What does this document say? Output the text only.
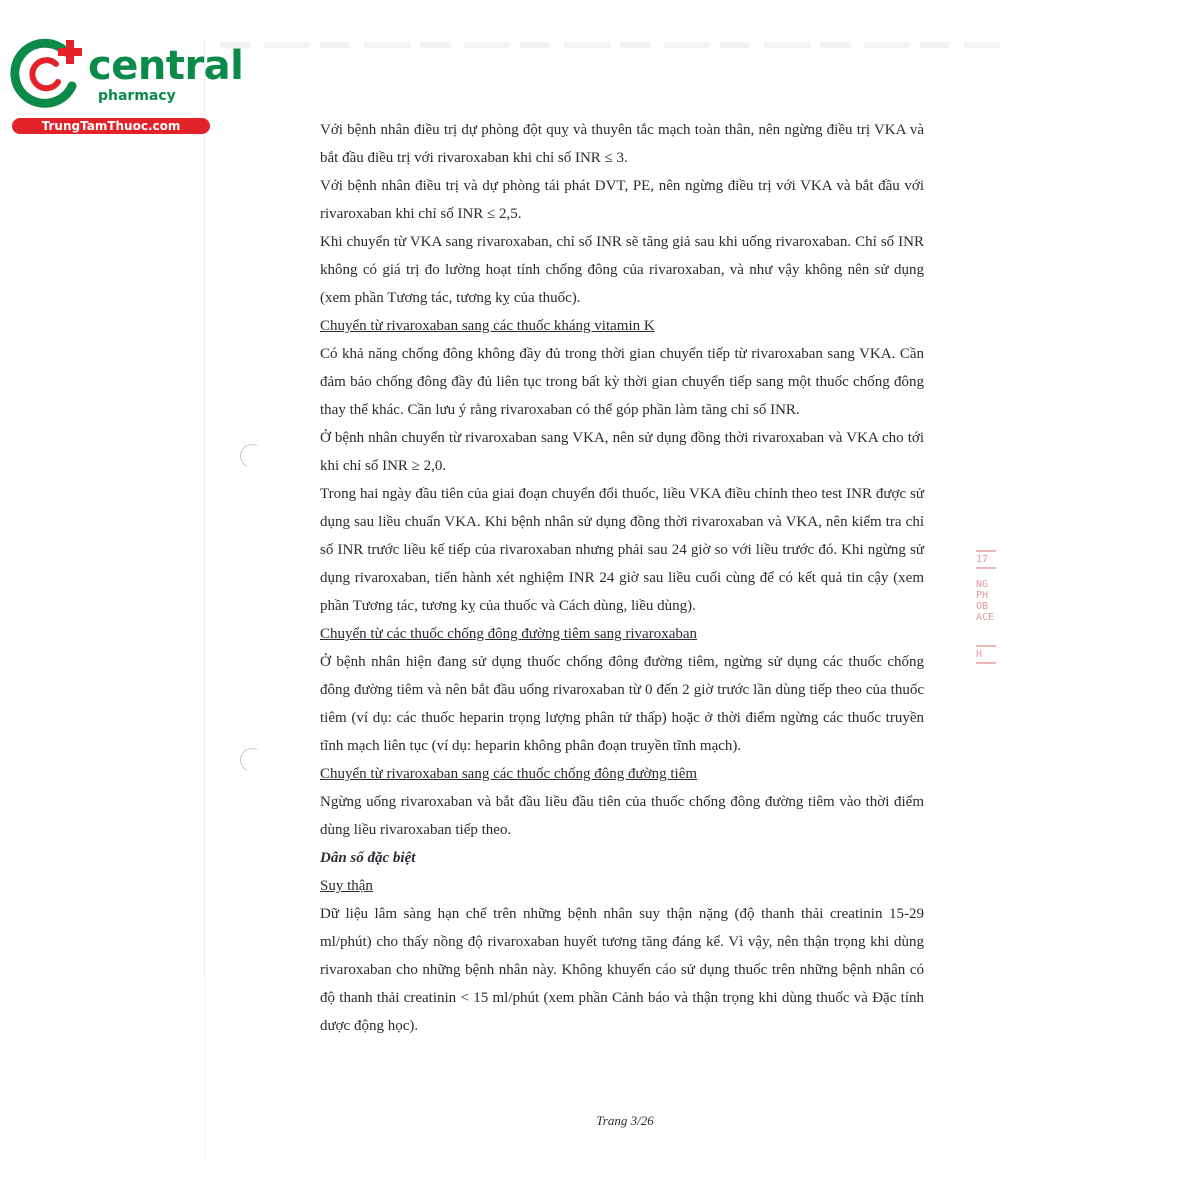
central
pharmacy
TrungTamThuoc.com	Với bệnh nhân điều trị dự phòng đột quỵ và thuyên tắc mạch toàn thân, nên ngừng điều trị VKA và bắt đầu điều trị với rivaroxaban khi chỉ số INR ≤ 3.

Với bệnh nhân điều trị và dự phòng tái phát DVT, PE, nên ngừng điều trị với VKA và bắt đầu với rivaroxaban khi chỉ số INR ≤ 2,5.

Khi chuyển từ VKA sang rivaroxaban, chỉ số INR sẽ tăng giả sau khi uống rivaroxaban. Chỉ số INR không có giá trị đo lường hoạt tính chống đông của rivaroxaban, và như vậy không nên sử dụng (xem phần Tương tác, tương kỵ của thuốc).

Chuyển từ rivaroxaban sang các thuốc kháng vitamin K

Có khả năng chống đông không đầy đủ trong thời gian chuyển tiếp từ rivaroxaban sang VKA. Cần đảm bảo chống đông đầy đủ liên tục trong bất kỳ thời gian chuyển tiếp sang một thuốc chống đông thay thế khác. Cần lưu ý rằng rivaroxaban có thể góp phần làm tăng chỉ số INR.

Ở bệnh nhân chuyển từ rivaroxaban sang VKA, nên sử dụng đồng thời rivaroxaban và VKA cho tới khi chỉ số INR ≥ 2,0.

Trong hai ngày đầu tiên của giai đoạn chuyển đổi thuốc, liều VKA điều chỉnh theo test INR được sử dụng sau liều chuẩn VKA. Khi bệnh nhân sử dụng đồng thời rivaroxaban và VKA, nên kiểm tra chỉ số INR trước liều kế tiếp của rivaroxaban nhưng phải sau 24 giờ so với liều trước đó. Khi ngừng sử dụng rivaroxaban, tiến hành xét nghiệm INR 24 giờ sau liều cuối cùng để có kết quả tin cậy (xem phần Tương tác, tương kỵ của thuốc và Cách dùng, liều dùng).

Chuyển từ các thuốc chống đông đường tiêm sang rivaroxaban

Ở bệnh nhân hiện đang sử dụng thuốc chống đông đường tiêm, ngừng sử dụng các thuốc chống đông đường tiêm và nên bắt đầu uống rivaroxaban từ 0 đến 2 giờ trước lần dùng tiếp theo của thuốc tiêm (ví dụ: các thuốc heparin trọng lượng phân tử thấp) hoặc ở thời điểm ngừng các thuốc truyền tĩnh mạch liên tục (ví dụ: heparin không phân đoạn truyền tĩnh mạch).

Chuyển từ rivaroxaban sang các thuốc chống đông đường tiêm

Ngừng uống rivaroxaban và bắt đầu liều đầu tiên của thuốc chống đông đường tiêm vào thời điểm dùng liều rivaroxaban tiếp theo.

Dân số đặc biệt

Suy thận

Dữ liệu lâm sàng hạn chế trên những bệnh nhân suy thận nặng (độ thanh thải creatinin 15-29 ml/phút) cho thấy nồng độ rivaroxaban huyết tương tăng đáng kể. Vì vậy, nên thận trọng khi dùng rivaroxaban cho những bệnh nhân này. Không khuyến cáo sử dụng thuốc trên những bệnh nhân có độ thanh thải creatinin < 15 ml/phút (xem phần Cảnh báo và thận trọng khi dùng thuốc và Đặc tính dược động học).

Trang 3/26
17
NG
PH
OB
ACE
H
